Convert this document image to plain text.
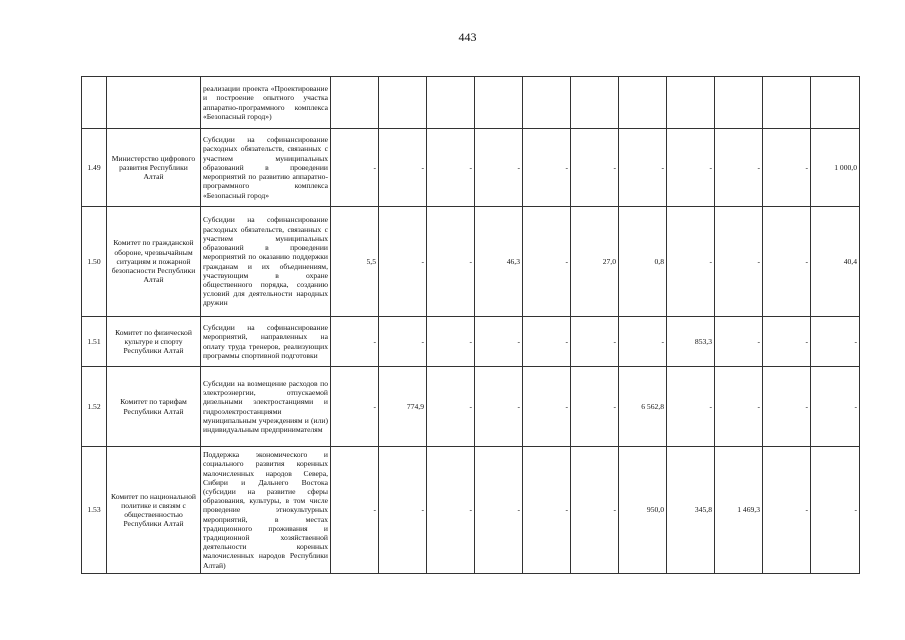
443
		реализации проекта «Проектирование и построение опытного участка аппаратно-программного комплекса «Безопасный город»)											
1.49	Министерство цифрового развития Республики Алтай	Субсидии на софинансирование расходных обязательств, связанных с участием муниципальных образований в проведении мероприятий по развитию аппаратно-программного комплекса «Безопасный город»	-	-	-	-	-	-	-	-	-	-	1 000,0
1.50	Комитет по гражданской обороне, чрезвычайным ситуациям и пожарной безопасности Республики Алтай	Субсидии на софинансирование расходных обязательств, связанных с участием муниципальных образований в проведении мероприятий по оказанию поддержки гражданам и их объединениям, участвующим в охране общественного порядка, созданию условий для деятельности народных дружин	5,5	-	-	46,3	-	27,0	0,8	-	-	-	40,4
1.51	Комитет по физической культуре и спорту Республики Алтай	Субсидии на софинансирование мероприятий, направленных на оплату труда тренеров, реализующих программы спортивной подготовки	-	-	-	-	-	-	-	853,3	-	-	-
1.52	Комитет по тарифам Республики Алтай	Субсидии на возмещение расходов по электроэнергии, отпускаемой дизельными электростанциями и гидроэлектростанциями муниципальным учреждениям и (или) индивидуальным предпринимателям	-	774,9	-	-	-	-	6 562,8	-	-	-	-
1.53	Комитет по национальной политике и связям с общественностью Республики Алтай	Поддержка экономического и социального развития коренных малочисленных народов Севера, Сибири и Дальнего Востока (субсидии на развитие сферы образования, культуры, в том числе проведение этнокультурных мероприятий, в местах традиционного проживания и традиционной хозяйственной деятельности коренных малочисленных народов Республики Алтай)	-	-	-	-	-	-	950,0	345,8	1 469,3	-	-
